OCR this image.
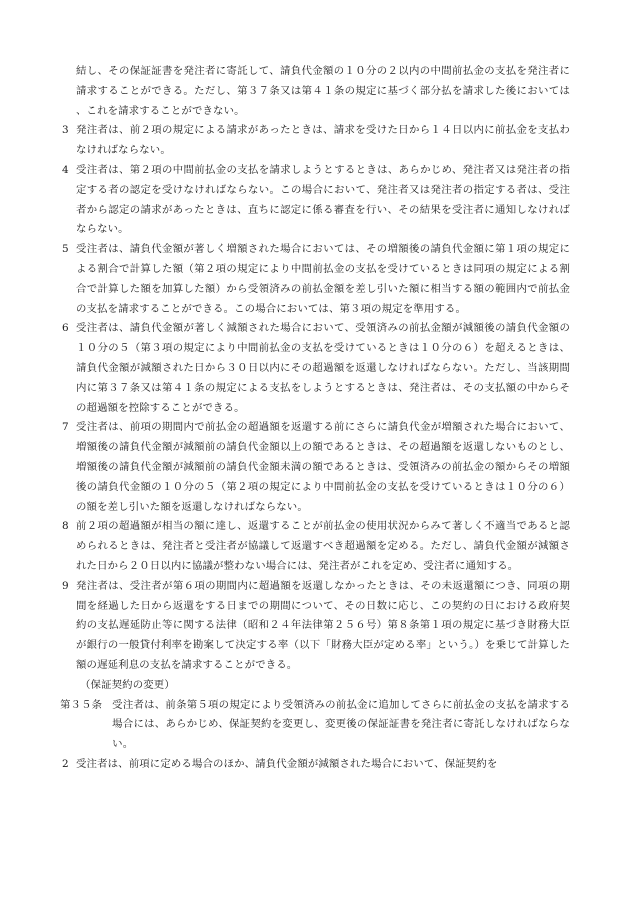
結し、その保証証書を発注者に寄託して、請負代金額の１０分の２以内の中間前払金の支払を発注者に請求することができる。ただし、第３７条又は第４１条の規定に基づく部分払を請求した後においては、これを請求することができない。

3 発注者は、前２項の規定による請求があったときは、請求を受けた日から１４日以内に前払金を支払わなければならない。
4 受注者は、第２項の中間前払金の支払を請求しようとするときは、あらかじめ、発注者又は発注者の指定する者の認定を受けなければならない。この場合において、発注者又は発注者の指定する者は、受注者から認定の請求があったときは、直ちに認定に係る審査を行い、その結果を受注者に通知しなければならない。
5 受注者は、請負代金額が著しく増額された場合においては、その増額後の請負代金額に第１項の規定による割合で計算した額（第２項の規定により中間前払金の支払を受けているときは同項の規定による割合で計算した額を加算した額）から受領済みの前払金額を差し引いた額に相当する額の範囲内で前払金の支払を請求することができる。この場合においては、第３項の規定を準用する。
6 受注者は、請負代金額が著しく減額された場合において、受領済みの前払金額が減額後の請負代金額の１０分の５（第３項の規定により中間前払金の支払を受けているときは１０分の６）を超えるときは、請負代金額が減額された日から３０日以内にその超過額を返還しなければならない。ただし、当該期間内に第３７条又は第４１条の規定による支払をしようとするときは、発注者は、その支払額の中からその超過額を控除することができる。
7 受注者は、前項の期間内で前払金の超過額を返還する前にさらに請負代金が増額された場合において、増額後の請負代金額が減額前の請負代金額以上の額であるときは、その超過額を返還しないものとし、増額後の請負代金額が減額前の請負代金額未満の額であるときは、受領済みの前払金の額からその増額後の請負代金額の１０分の５（第２項の規定により中間前払金の支払を受けているときは１０分の６）の額を差し引いた額を返還しなければならない。
8 前２項の超過額が相当の額に達し、返還することが前払金の使用状況からみて著しく不適当であると認められるときは、発注者と受注者が協議して返還すべき超過額を定める。ただし、請負代金額が減額された日から２０日以内に協議が整わない場合には、発注者がこれを定め、受注者に通知する。
9 発注者は、受注者が第６項の期間内に超過額を返還しなかったときは、その未返還額につき、同項の期間を経過した日から返還をする日までの期間について、その日数に応じ、この契約の日における政府契約の支払遅延防止等に関する法律（昭和２４年法律第２５６号）第８条第１項の規定に基づき財務大臣が銀行の一般貸付利率を勘案して決定する率（以下「財務大臣が定める率」という。）を乗じて計算した額の遅延利息の支払を請求することができる。

（保証契約の変更）

第３５条 受注者は、前条第５項の規定により受領済みの前払金に追加してさらに前払金の支払を請求する場合には、あらかじめ、保証契約を変更し、変更後の保証証書を発注者に寄託しなければならない。
2 受注者は、前項に定める場合のほか、請負代金額が減額された場合において、保証契約を
